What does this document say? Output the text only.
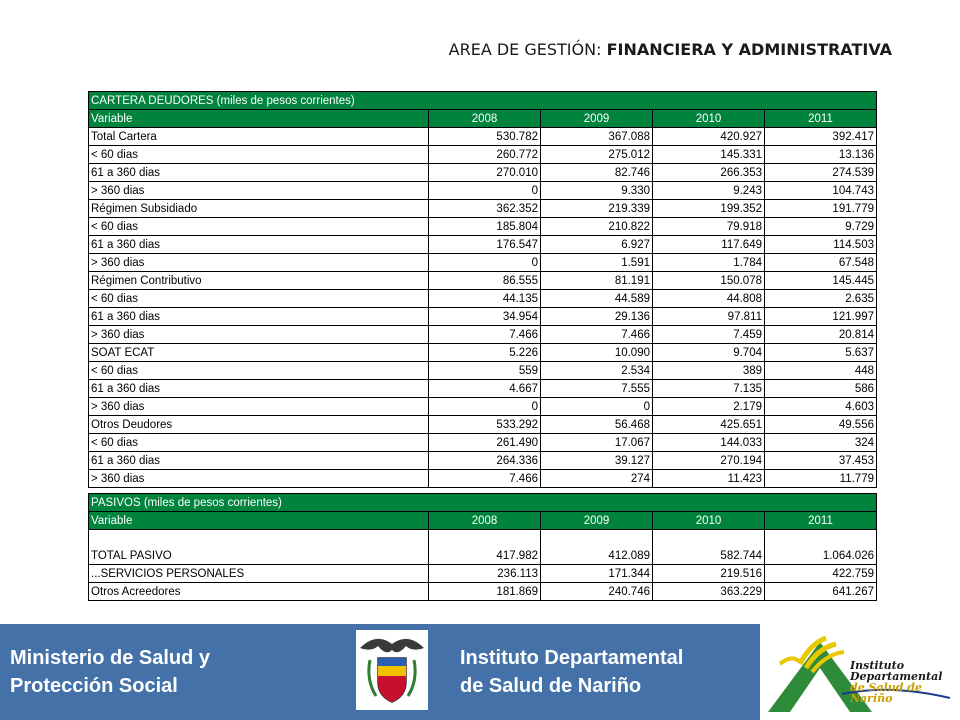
AREA DE GESTIÓN: FINANCIERA Y ADMINISTRATIVA
CARTERA DEUDORES (miles de pesos corrientes)				
Variable	2008	2009	2010	2011
Total Cartera	530.782	367.088	420.927	392.417
< 60 dias	260.772	275.012	145.331	13.136
61 a 360 dias	270.010	82.746	266.353	274.539
> 360 dias	0	9.330	9.243	104.743
Régimen Subsidiado	362.352	219.339	199.352	191.779
< 60 dias	185.804	210.822	79.918	9.729
61 a 360 dias	176.547	6.927	117.649	114.503
> 360 dias	0	1.591	1.784	67.548
Régimen Contributivo	86.555	81.191	150.078	145.445
< 60 dias	44.135	44.589	44.808	2.635
61 a 360 dias	34.954	29.136	97.811	121.997
> 360 dias	7.466	7.466	7.459	20.814
SOAT ECAT	5.226	10.090	9.704	5.637
< 60 dias	559	2.534	389	448
61 a 360 dias	4.667	7.555	7.135	586
> 360 dias	0	0	2.179	4.603
Otros Deudores	533.292	56.468	425.651	49.556
< 60 dias	261.490	17.067	144.033	324
61 a 360 dias	264.336	39.127	270.194	37.453
> 360 dias	7.466	274	11.423	11.779
PASIVOS (miles de pesos corrientes)				
Variable	2008	2009	2010	2011
TOTAL PASIVO	417.982	412.089	582.744	1.064.026
...SERVICIOS PERSONALES	236.113	171.344	219.516	422.759
Otros Acreedores	181.869	240.746	363.229	641.267
Ministerio de Salud y
Protección Social
Instituto Departamental
de Salud de Nariño
Instituto
Departamental
de Salud de Nariño
